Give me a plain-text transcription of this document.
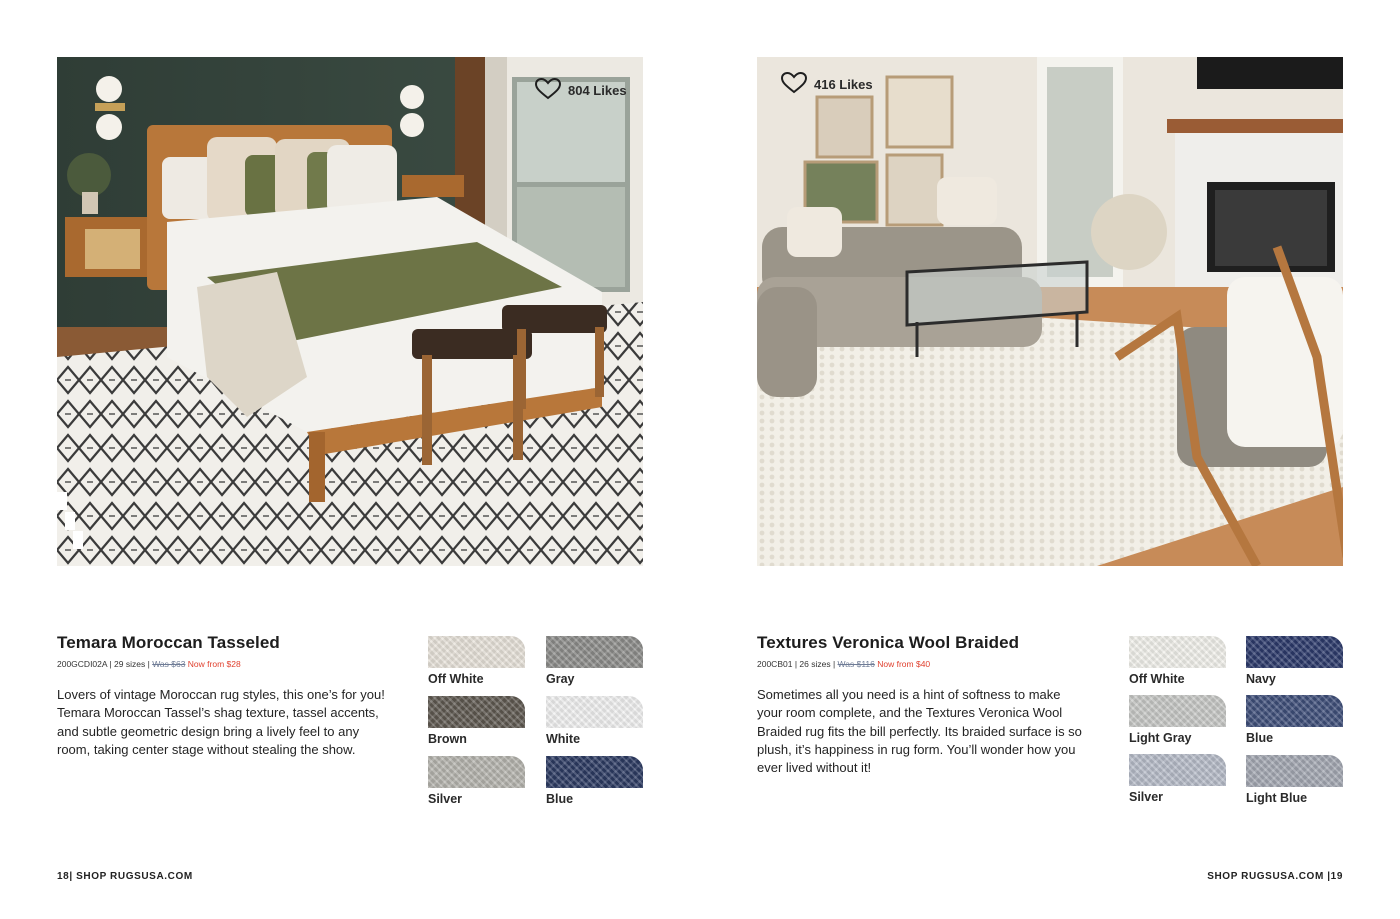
804 Likes
Temara Moroccan Tasseled
200GCDI02A | 29 sizes | Was $63 Now from $28

Lovers of vintage Moroccan rug styles, this one’s for you! Temara Moroccan Tassel’s shag texture, tassel accents, and subtle geometric design bring a lively feel to any room, taking center stage without stealing the show.

Off White	Gray
Brown	White
Silver	Blue
18| SHOP RUGSUSA.COM
416 Likes
Textures Veronica Wool Braided
200CB01 | 26 sizes | Was $116 Now from $40

Sometimes all you need is a hint of softness to make your room complete, and the Textures Veronica Wool Braided rug fits the bill perfectly. Its braided surface is so plush, it’s happiness in rug form. You’ll wonder how you ever lived without it!

Off White	Navy
Light Gray	Blue
Silver	Light Blue
SHOP RUGSUSA.COM |19
